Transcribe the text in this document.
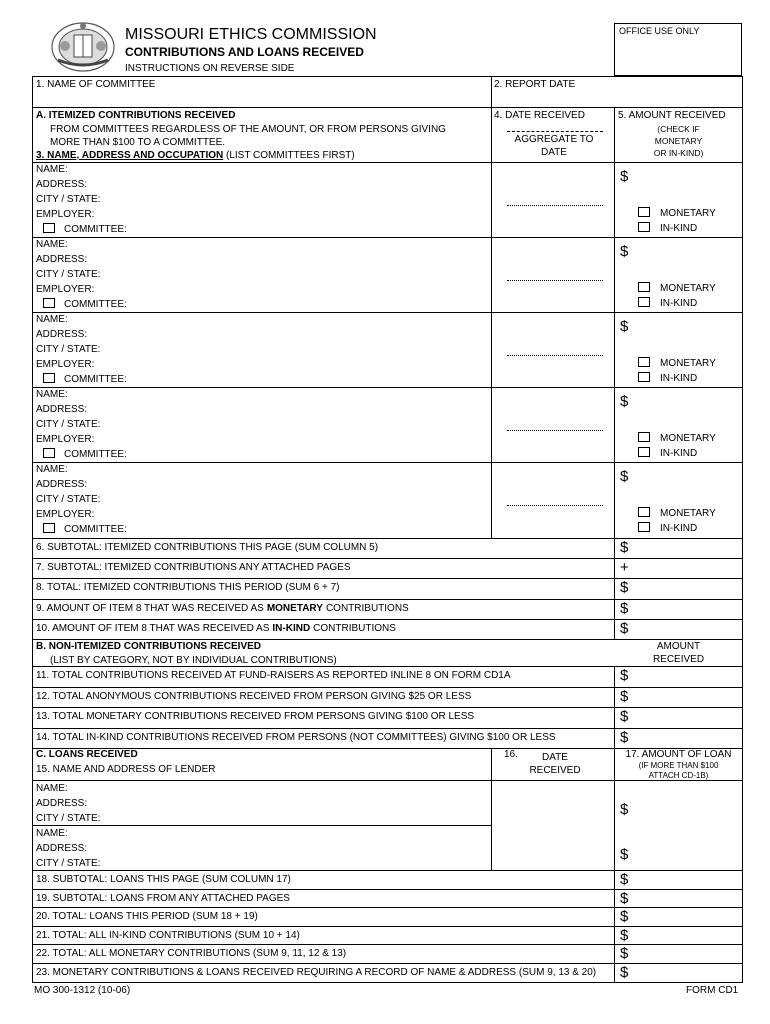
MISSOURI ETHICS COMMISSION
CONTRIBUTIONS AND LOANS RECEIVED
INSTRUCTIONS ON REVERSE SIDE
OFFICE USE ONLY
1. NAME OF COMMITTEE	2. REPORT DATE
A. ITEMIZED CONTRIBUTIONS RECEIVED
FROM COMMITTEES REGARDLESS OF THE AMOUNT, OR FROM PERSONS GIVING
MORE THAN $100 TO A COMMITTEE.
3. NAME, ADDRESS AND OCCUPATION (LIST COMMITTEES FIRST)
4. DATE RECEIVED
AGGREGATE TO
DATE
5. AMOUNT RECEIVED
(CHECK IF
MONETARY
OR IN-KIND)
NAME:
ADDRESS:
CITY / STATE:
EMPLOYER:
COMMITTEE:
$
MONETARY
IN-KIND
NAME:
ADDRESS:
CITY / STATE:
EMPLOYER:
COMMITTEE:
$
MONETARY
IN-KIND
NAME:
ADDRESS:
CITY / STATE:
EMPLOYER:
COMMITTEE:
$
MONETARY
IN-KIND
NAME:
ADDRESS:
CITY / STATE:
EMPLOYER:
COMMITTEE:
$
MONETARY
IN-KIND
NAME:
ADDRESS:
CITY / STATE:
EMPLOYER:
COMMITTEE:
$
MONETARY
IN-KIND
6. SUBTOTAL: ITEMIZED CONTRIBUTIONS THIS PAGE (SUM COLUMN 5)	$
7. SUBTOTAL: ITEMIZED CONTRIBUTIONS ANY ATTACHED PAGES	+
8. TOTAL: ITEMIZED CONTRIBUTIONS THIS PERIOD (SUM 6 + 7)	$
9. AMOUNT OF ITEM 8 THAT WAS RECEIVED AS MONETARY CONTRIBUTIONS	$
10. AMOUNT OF ITEM 8 THAT WAS RECEIVED AS IN-KIND CONTRIBUTIONS	$
B. NON-ITEMIZED CONTRIBUTIONS RECEIVED
(LIST BY CATEGORY, NOT BY INDIVIDUAL CONTRIBUTIONS)
AMOUNT
RECEIVED
11. TOTAL CONTRIBUTIONS RECEIVED AT FUND-RAISERS AS REPORTED INLINE 8 ON FORM CD1A	$
12. TOTAL ANONYMOUS CONTRIBUTIONS RECEIVED FROM PERSON GIVING $25 OR LESS	$
13. TOTAL MONETARY CONTRIBUTIONS RECEIVED FROM PERSONS GIVING $100 OR LESS	$
14. TOTAL IN-KIND CONTRIBUTIONS RECEIVED FROM PERSONS (NOT COMMITTEES) GIVING $100 OR LESS	$
C. LOANS RECEIVED
15. NAME AND ADDRESS OF LENDER
16.	DATE
RECEIVED
17. AMOUNT OF LOAN
(IF MORE THAN $100
ATTACH CD-1B)
NAME:
ADDRESS:
CITY / STATE:
$
NAME:
ADDRESS:
CITY / STATE:
$
18. SUBTOTAL: LOANS THIS PAGE (SUM COLUMN 17)	$
19. SUBTOTAL: LOANS FROM ANY ATTACHED PAGES	$
20. TOTAL: LOANS THIS PERIOD (SUM 18 + 19)	$
21. TOTAL: ALL IN-KIND CONTRIBUTIONS (SUM 10 + 14)	$
22. TOTAL: ALL MONETARY CONTRIBUTIONS (SUM 9, 11, 12 & 13)	$
23. MONETARY CONTRIBUTIONS & LOANS RECEIVED REQUIRING A RECORD OF NAME & ADDRESS (SUM 9, 13 & 20) $
MO 300-1312 (10-06)	FORM CD1
